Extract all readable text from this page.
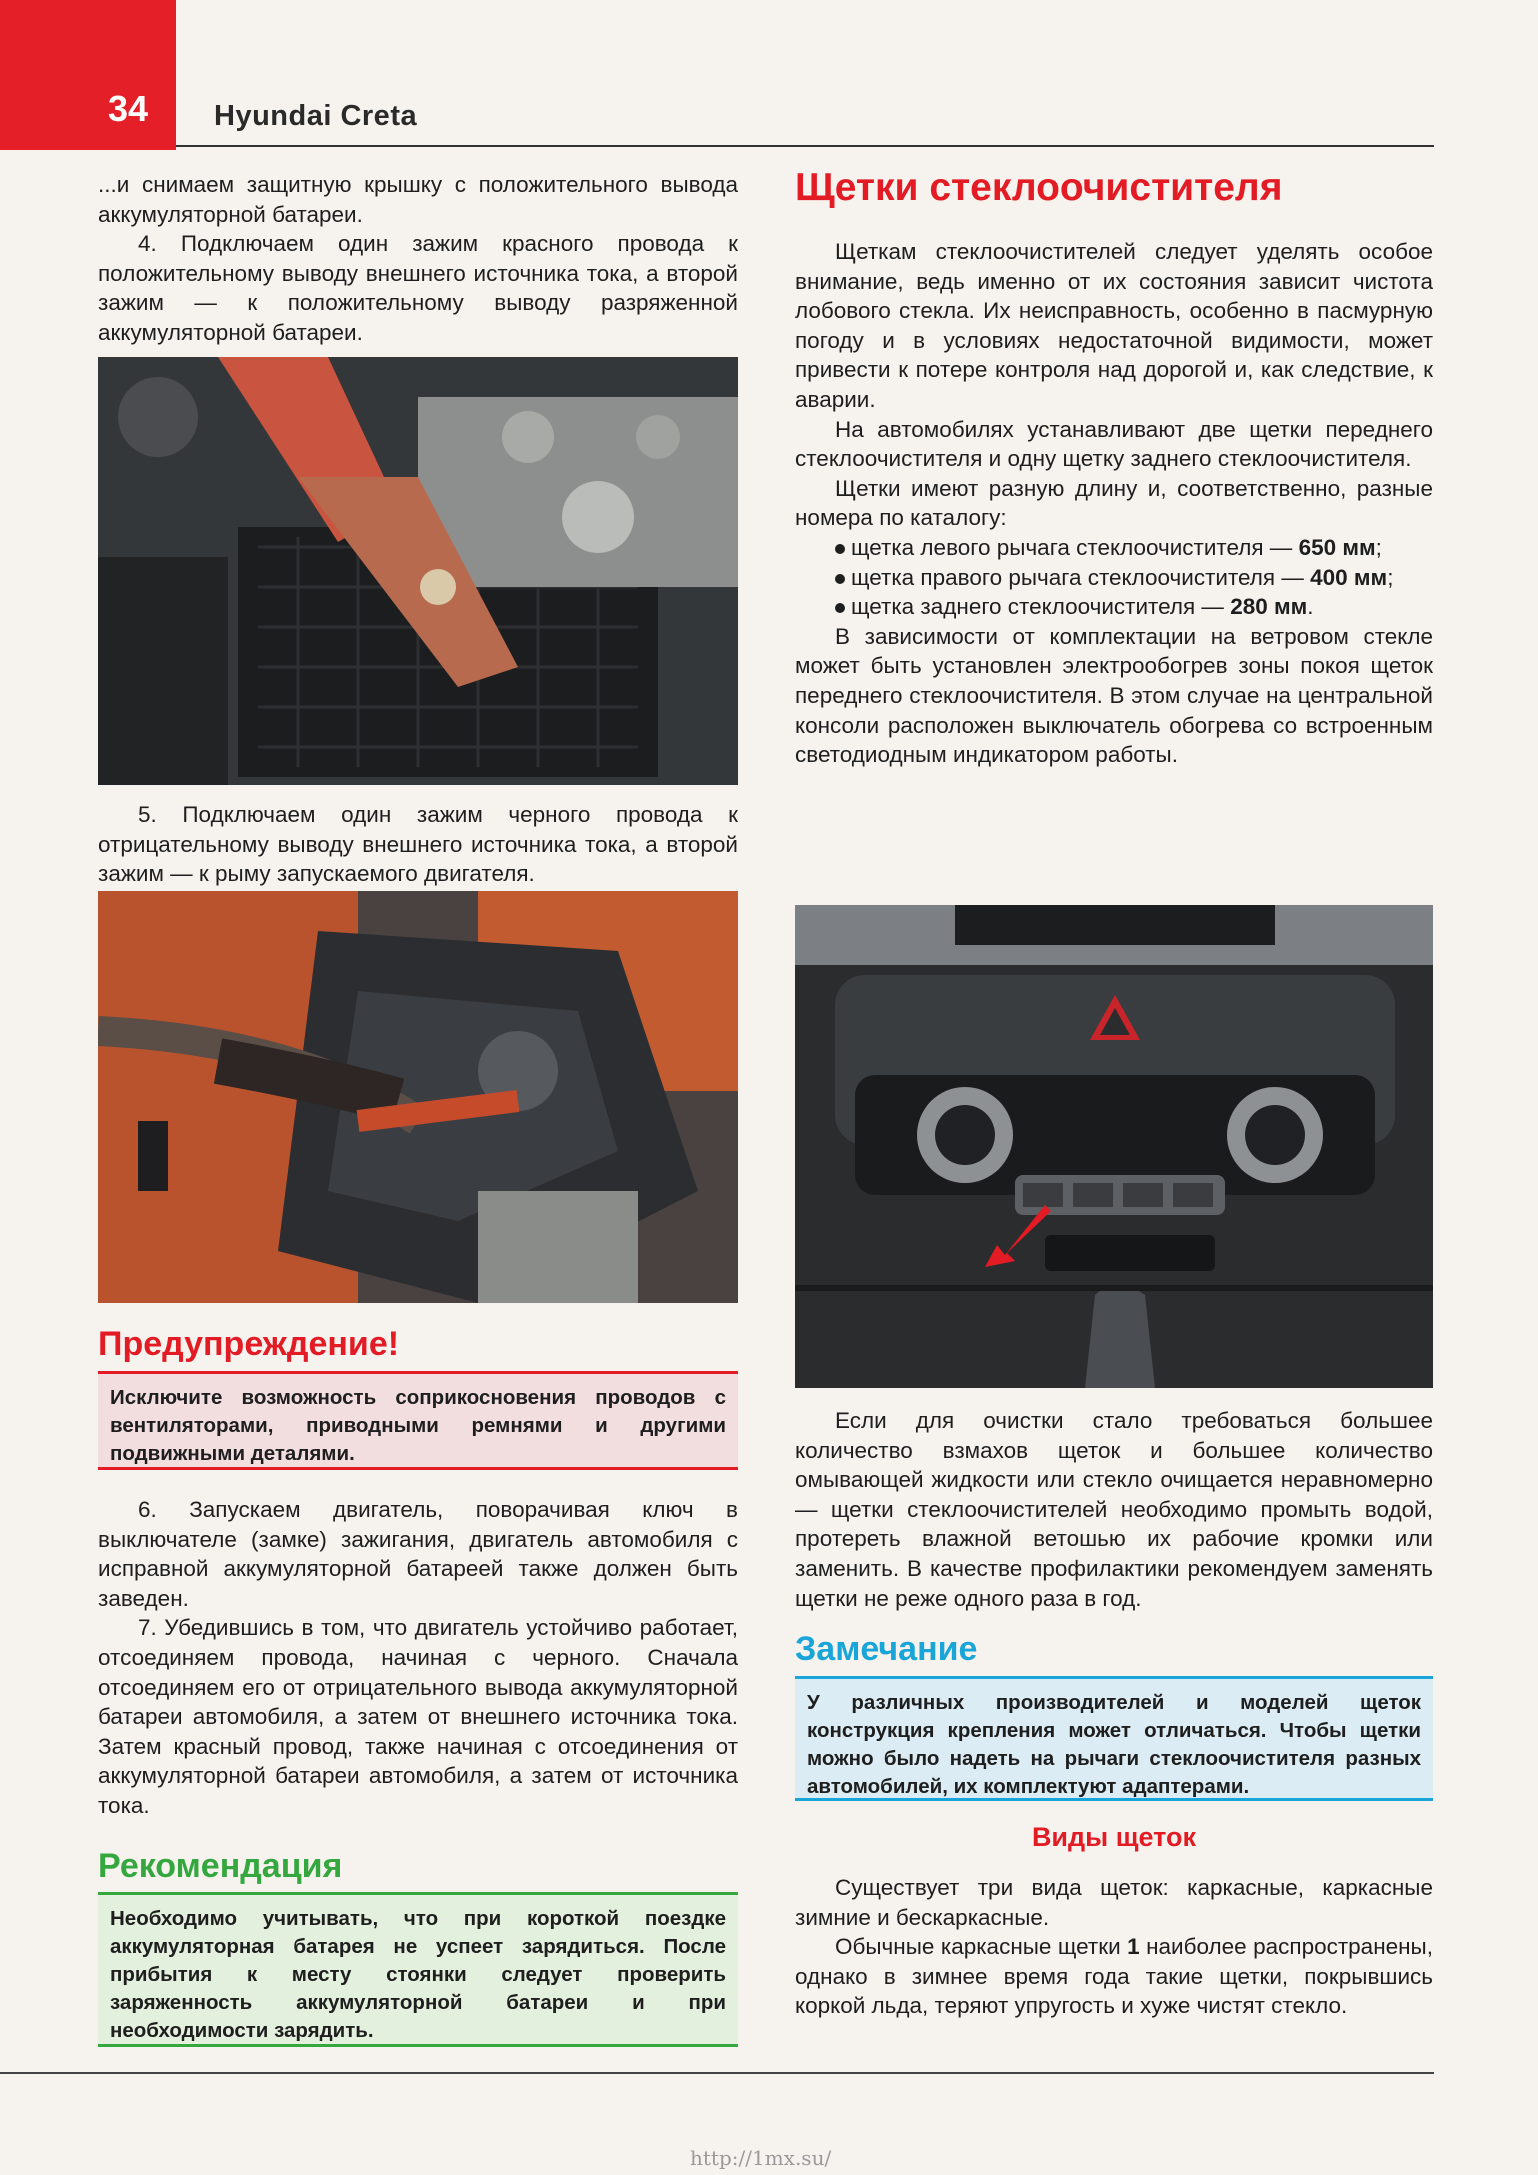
34 Hyundai Creta

...и снимаем защитную крышку с положительного вывода аккумуляторной батареи.

4. Подключаем один зажим красного провода к положительному выводу внешнего источника тока, а второй зажим — к положительному выводу разряженной аккумуляторной батареи.

5. Подключаем один зажим черного провода к отрицательному выводу внешнего источника тока, а второй зажим — к рыму запускаемого двигателя.

Предупреждение!
Исключите возможность соприкосновения проводов с вентиляторами, приводными ремнями и другими подвижными деталями.

6. Запускаем двигатель, поворачивая ключ в выключателе (замке) зажигания, двигатель автомобиля с исправной аккумуляторной батареей также должен быть заведен.

7. Убедившись в том, что двигатель устойчиво работает, отсоединяем провода, начиная с черного. Сначала отсоединяем его от отрицательного вывода аккумуляторной батареи автомобиля, а затем от внешнего источника тока. Затем красный провод, также начиная с отсоединения от аккумуляторной батареи автомобиля, а затем от источника тока.

Рекомендация
Необходимо учитывать, что при короткой поездке аккумуляторная батарея не успеет зарядиться. После прибытия к месту стоянки следует проверить заряженность аккумуляторной батареи и при необходимости зарядить.
Щетки стеклоочистителя

Щеткам стеклоочистителей следует уделять особое внимание, ведь именно от их состояния зависит чистота лобового стекла. Их неисправность, особенно в пасмурную погоду и в условиях недостаточной видимости, может привести к потере контроля над дорогой и, как следствие, к аварии.

На автомобилях устанавливают две щетки переднего стеклоочистителя и одну щетку заднего стеклоочистителя.

Щетки имеют разную длину и, соответственно, разные номера по каталогу:

щетка левого рычага стеклоочистителя — 650 мм;

щетка правого рычага стеклоочистителя — 400 мм;

щетка заднего стеклоочистителя — 280 мм.

В зависимости от комплектации на ветровом стекле может быть установлен электрообогрев зоны покоя щеток переднего стеклоочистителя. В этом случае на центральной консоли расположен выключатель обогрева со встроенным светодиодным индикатором работы.

Если для очистки стало требоваться большее количество взмахов щеток и большее количество омывающей жидкости или стекло очищается неравномерно — щетки стеклоочистителей необходимо промыть водой, протереть влажной ветошью их рабочие кромки или заменить. В качестве профилактики рекомендуем заменять щетки не реже одного раза в год.

Замечание
У различных производителей и моделей щеток конструкция крепления может отличаться. Чтобы щетки можно было надеть на рычаги стеклоочистителя разных автомобилей, их комплектуют адаптерами.
Виды щеток

Существует три вида щеток: каркасные, каркасные зимние и бескаркасные.

Обычные каркасные щетки 1 наиболее распространены, однако в зимнее время года такие щетки, покрывшись коркой льда, теряют упругость и хуже чистят стекло.

http://1mx.su/
